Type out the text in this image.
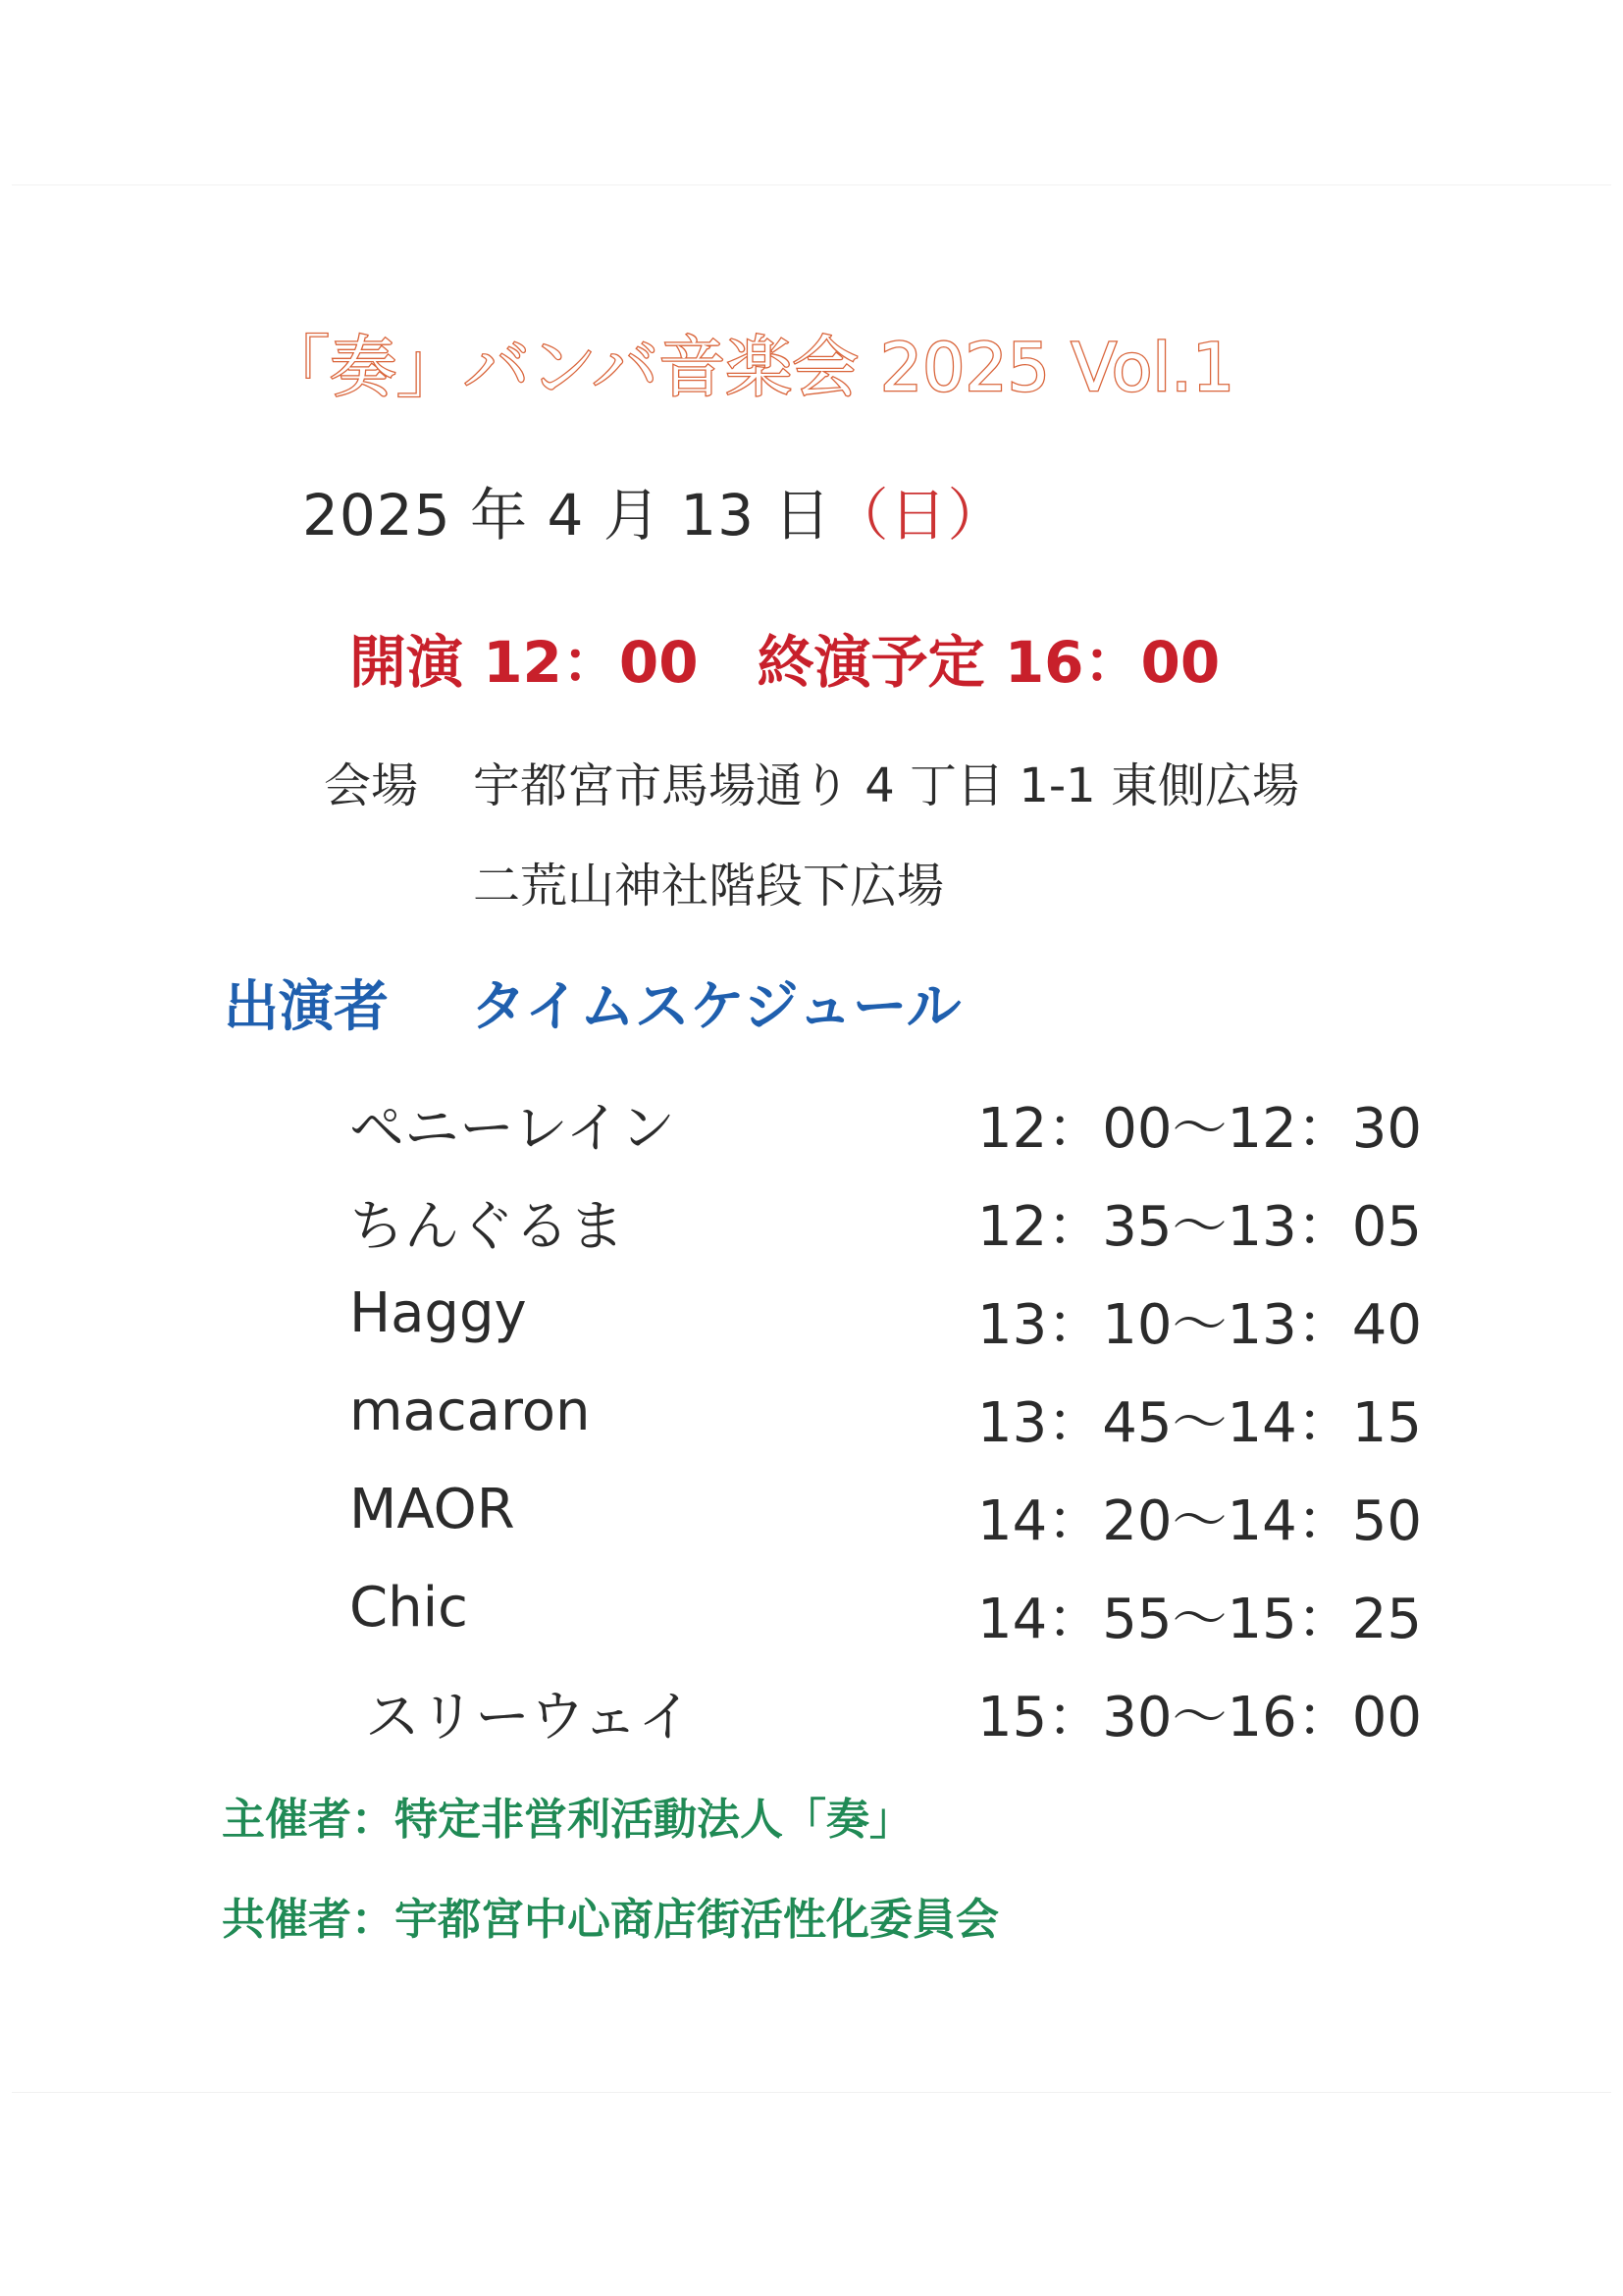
「奏」バンバ音楽会 2025 Vol.1
2025 年 4 月 13 日（日）
開演 12：00 終演予定 16：00
会場 宇都宮市馬場通り 4 丁目 1-1 東側広場
二荒山神社階段下広場
出演者 タイムスケジュール
ペニーレイン	12：00〜12：30
ちんぐるま	12：35〜13：05
Haggy	13：10〜13：40
macaron	13：45〜14：15
MAOR	14：20〜14：50
Chic	14：55〜15：25
スリーウェイ	15：30〜16：00
主催者：特定非営利活動法人「奏」
共催者：宇都宮中心商店街活性化委員会
